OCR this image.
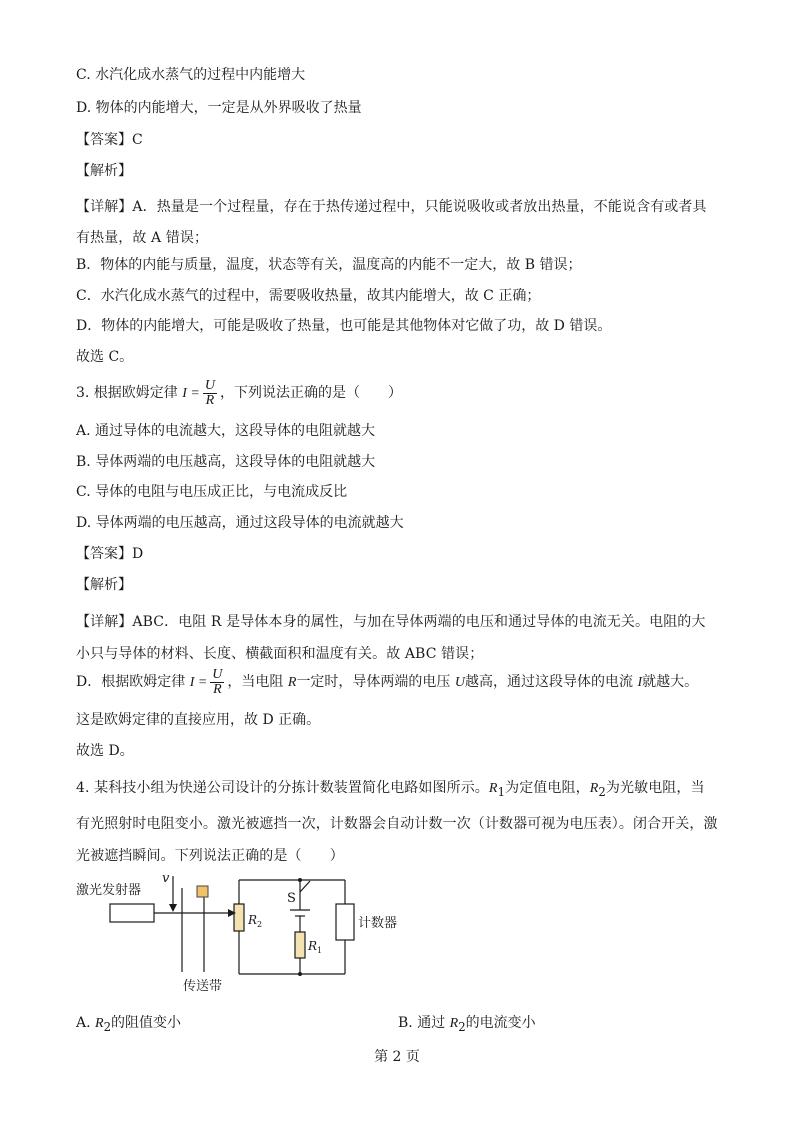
C. 水汽化成水蒸气的过程中内能增大
D. 物体的内能增大，一定是从外界吸收了热量
【答案】C
【解析】
【详解】A．热量是一个过程量，存在于热传递过程中，只能说吸收或者放出热量，不能说含有或者具有热量，故 A 错误；
B．物体的内能与质量，温度，状态等有关，温度高的内能不一定大，故 B 错误；
C．水汽化成水蒸气的过程中，需要吸收热量，故其内能增大，故 C 正确；
D．物体的内能增大，可能是吸收了热量，也可能是其他物体对它做了功，故 D 错误。
故选 C。
3. 根据欧姆定律 $I = \frac{U}{R}$ ，下列说法正确的是（　　）
A. 通过导体的电流越大，这段导体的电阻就越大
B. 导体两端的电压越高，这段导体的电阻就越大
C. 导体的电阻与电压成正比，与电流成反比
D. 导体两端的电压越高，通过这段导体的电流就越大
【答案】D
【解析】
【详解】ABC．电阻 R 是导体本身的属性，与加在导体两端的电压和通过导体的电流无关。电阻的大小只与导体的材料、长度、横截面积和温度有关。故 ABC 错误；
D．根据欧姆定律 $I = \frac{U}{R}$ ，当电阻 R一定时，导体两端的电压 U越高，通过这段导体的电流 I就越大。
这是欧姆定律的直接应用，故 D 正确。
故选 D。
4. 某科技小组为快递公司设计的分拣计数装置简化电路如图所示。$R_1$为定值电阻，$R_2$为光敏电阻，当有光照射时电阻变小。激光被遮挡一次，计数器会自动计数一次（计数器可视为电压表）。闭合开关，激光被遮挡瞬间。下列说法正确的是（　　）
激光发射器
v
S
$R_2$
$R_1$
计数器
传送带
A. $R_2$的阻值变小	B. 通过 $R_2$的电流变小
第 2 页
